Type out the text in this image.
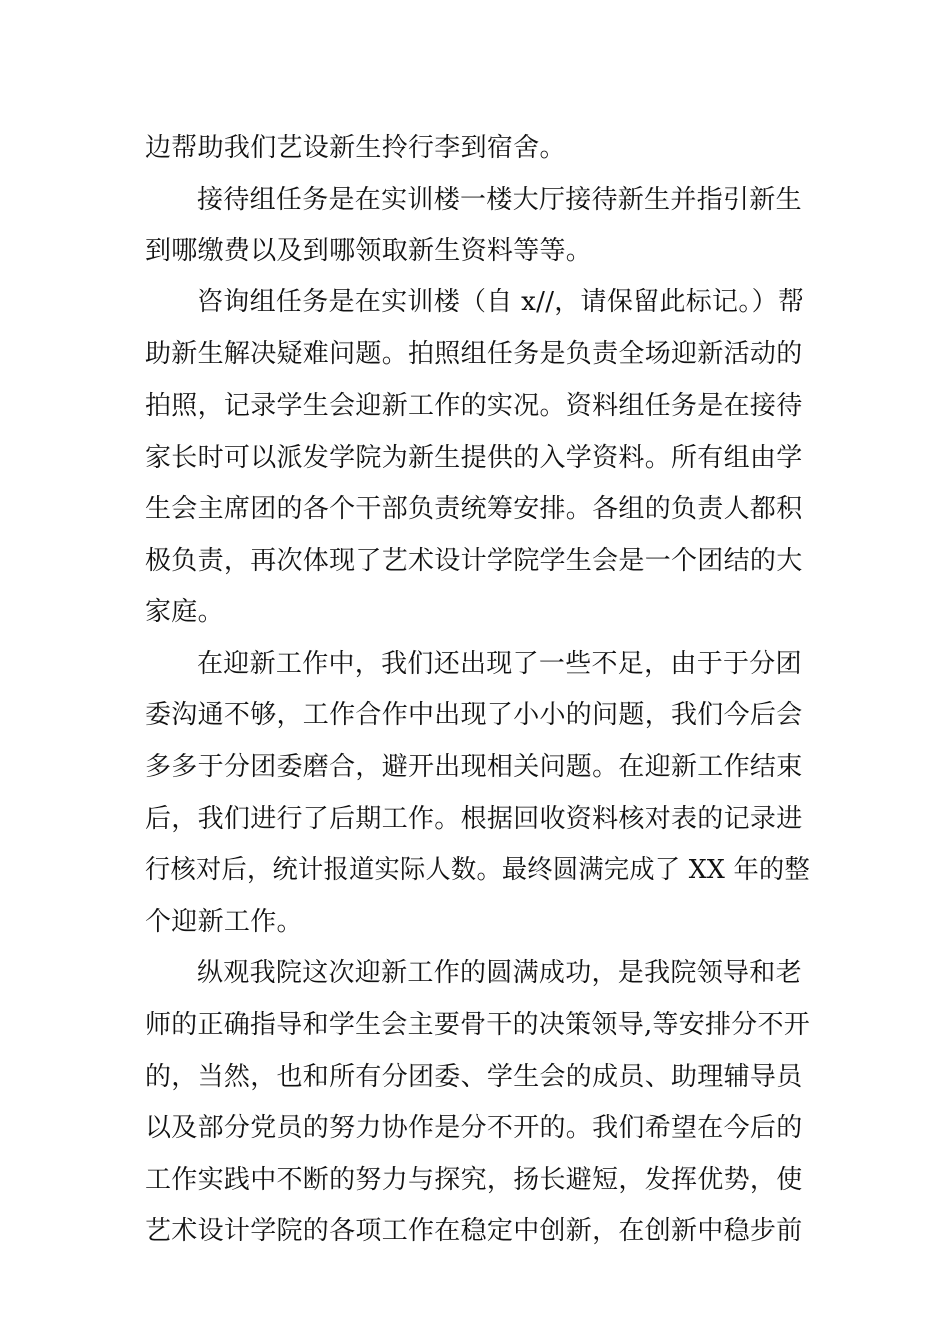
边帮助我们艺设新生拎行李到宿舍。

接待组任务是在实训楼一楼大厅接待新生并指引新生

到哪缴费以及到哪领取新生资料等等。

咨询组任务是在实训楼（自 x//，请保留此标记。）帮

助新生解决疑难问题。拍照组任务是负责全场迎新活动的

拍照，记录学生会迎新工作的实况。资料组任务是在接待

家长时可以派发学院为新生提供的入学资料。所有组由学

生会主席团的各个干部负责统筹安排。各组的负责人都积

极负责，再次体现了艺术设计学院学生会是一个团结的大

家庭。

在迎新工作中，我们还出现了一些不足，由于于分团

委沟通不够，工作合作中出现了小小的问题，我们今后会

多多于分团委磨合，避开出现相关问题。在迎新工作结束

后，我们进行了后期工作。根据回收资料核对表的记录进

行核对后，统计报道实际人数。最终圆满完成了 XX 年的整

个迎新工作。

纵观我院这次迎新工作的圆满成功，是我院领导和老

师的正确指导和学生会主要骨干的决策领导,等安排分不开

的，当然，也和所有分团委、学生会的成员、助理辅导员

以及部分党员的努力协作是分不开的。我们希望在今后的

工作实践中不断的努力与探究，扬长避短，发挥优势，使

艺术设计学院的各项工作在稳定中创新，在创新中稳步前
